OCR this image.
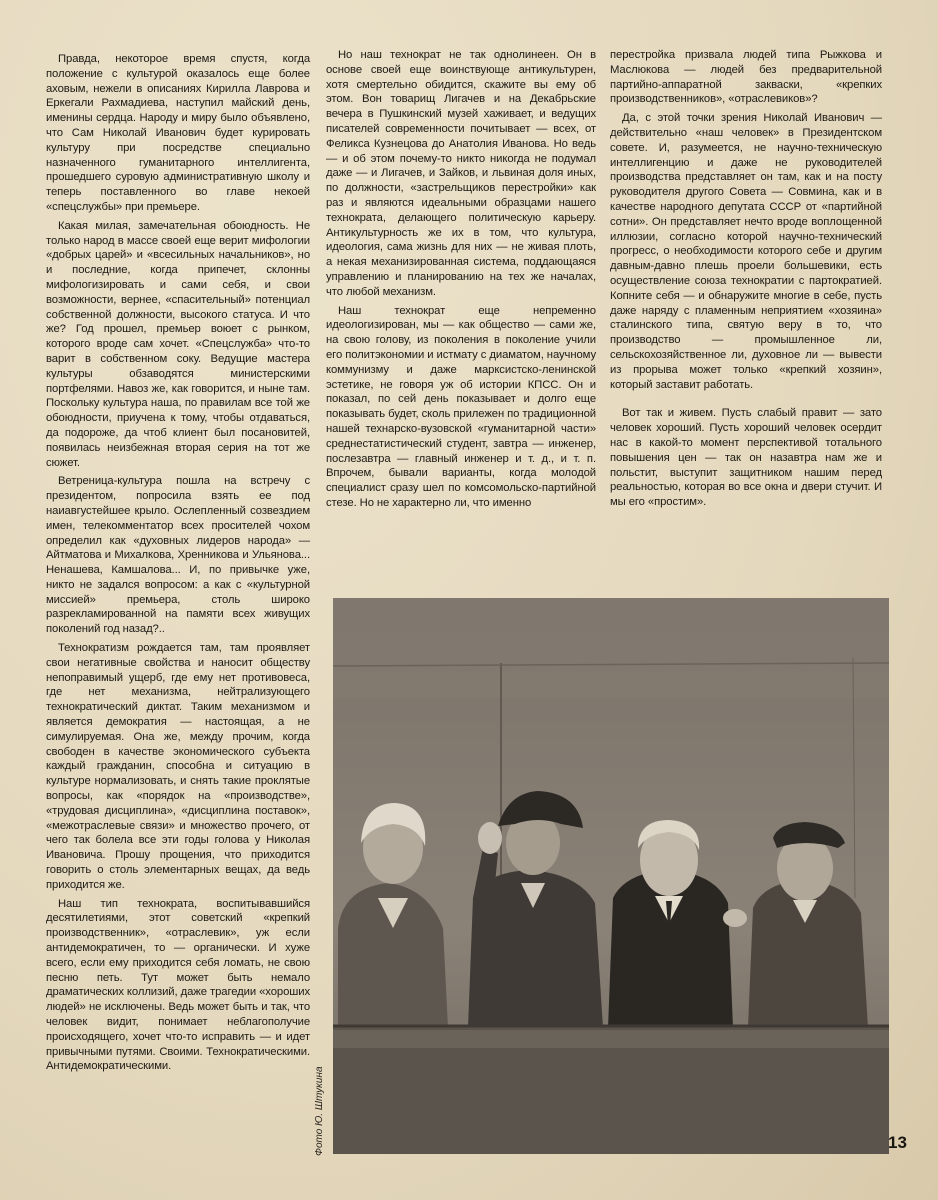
Правда, некоторое время спустя, когда положение с культурой оказалось еще более аховым, нежели в описаниях Кирилла Лаврова и Еркегали Рахмадиева, наступил майский день, именины сердца. Народу и миру было объявлено, что Сам Николай Иванович будет курировать культуру при посредстве специально назначенного гуманитарного интеллигента, прошедшего суровую административную школу и теперь поставленного во главе некоей «спецслужбы» при премьере.

Какая милая, замечательная обоюдность. Не только народ в массе своей еще верит мифологии «добрых царей» и «всесильных начальников», но и последние, когда припечет, склонны мифологизировать и сами себя, и свои возможности, вернее, «спасительный» потенциал собственной должности, высокого статуса. И что же? Год прошел, премьер воюет с рынком, которого вроде сам хочет. «Спецслужба» что-то варит в собственном соку. Ведущие мастера культуры обзаводятся министерскими портфелями. Навоз же, как говорится, и ныне там. Поскольку культура наша, по правилам все той же обоюдности, приучена к тому, чтобы отдаваться, да подороже, да чтоб клиент был посановитей, появилась неизбежная вторая серия на тот же сюжет.

Ветреница-культура пошла на встречу с президентом, попросила взять ее под наиавгустейшее крыло. Ослепленный созвездием имен, телекомментатор всех просителей чохом определил как «духовных лидеров народа» — Айтматова и Михалкова, Хренникова и Ульянова... Ненашева, Камшалова... И, по привычке уже, никто не задался вопросом: а как с «культурной миссией» премьера, столь широко разрекламированной на памяти всех живущих поколений год назад?..

Технократизм рождается там, там проявляет свои негативные свойства и наносит обществу непоправимый ущерб, где ему нет противовеса, где нет механизма, нейтрализующего технократический диктат. Таким механизмом и является демократия — настоящая, а не симулируемая. Она же, между прочим, когда свободен в качестве экономического субъекта каждый гражданин, способна и ситуацию в культуре нормализовать, и снять такие проклятые вопросы, как «порядок на «производстве», «трудовая дисциплина», «дисциплина поставок», «межотраслевые связи» и множество прочего, от чего так болела все эти годы голова у Николая Ивановича. Прошу прощения, что приходится говорить о столь элементарных вещах, да ведь приходится же.

Наш тип технократа, воспитывавшийся десятилетиями, этот советский «крепкий производственник», «отраслевик», уж если антидемократичен, то — органически. И хуже всего, если ему приходится себя ломать, не свою песню петь. Тут может быть немало драматических коллизий, даже трагедии «хороших людей» не исключены. Ведь может быть и так, что человек видит, понимает неблагополучие происходящего, хочет что-то исправить — и идет привычными путями. Своими. Технократическими. Антидемократическими.

Но наш технократ не так однолинеен. Он в основе своей еще воинствующе антикультурен, хотя смертельно обидится, скажите вы ему об этом. Вон товарищ Лигачев и на Декабрьские вечера в Пушкинский музей хаживает, и ведущих писателей современности почитывает — всех, от Феликса Кузнецова до Анатолия Иванова. Но ведь — и об этом почему-то никто никогда не подумал даже — и Лигачев, и Зайков, и львиная доля иных, по должности, «застрельщиков перестройки» как раз и являются идеальными образцами нашего технократа, делающего политическую карьеру. Антикультурность же их в том, что культура, идеология, сама жизнь для них — не живая плоть, а некая механизированная система, поддающаяся управлению и планированию на тех же началах, что любой механизм.

Наш технократ еще непременно идеологизирован, мы — как общество — сами же, на свою голову, из поколения в поколение учили его политэкономии и истмату с диаматом, научному коммунизму и даже марксистско-ленинской эстетике, не говоря уж об истории КПСС. Он и показал, по сей день показывает и долго еще показывать будет, сколь прилежен по традиционной нашей технарско-вузовской «гуманитарной части» среднестатистический студент, завтра — инженер, послезавтра — главный инженер и т. д., и т. п. Впрочем, бывали варианты, когда молодой специалист сразу шел по комсомольско-партийной стезе. Но не характерно ли, что именно

перестройка призвала людей типа Рыжкова и Маслюкова — людей без предварительной партийно-аппаратной закваски, «крепких производственников», «отраслевиков»?

Да, с этой точки зрения Николай Иванович — действительно «наш человек» в Президентском совете. И, разумеется, не научно-техническую интеллигенцию и даже не руководителей производства представляет он там, как и на посту руководителя другого Совета — Совмина, как и в качестве народного депутата СССР от «партийной сотни». Он представляет нечто вроде воплощенной иллюзии, согласно которой научно-технический прогресс, о необходимости которого себе и другим давным-давно плешь проели большевики, есть осуществление союза технократии с партократией. Копните себя — и обнаружите многие в себе, пусть даже наряду с пламенным неприятием «хозяина» сталинского типа, святую веру в то, что производство — промышленное ли, сельскохозяйственное ли, духовное ли — вывести из прорыва может только «крепкий хозяин», который заставит работать.

Вот так и живем. Пусть слабый правит — зато человек хороший. Пусть хороший человек осердит нас в какой-то момент перспективой тотального повышения цен — так он назавтра нам же и польстит, выступит защитником нашим перед реальностью, которая во все окна и двери стучит. И мы его «простим».

Фото Ю. Штукина	13
